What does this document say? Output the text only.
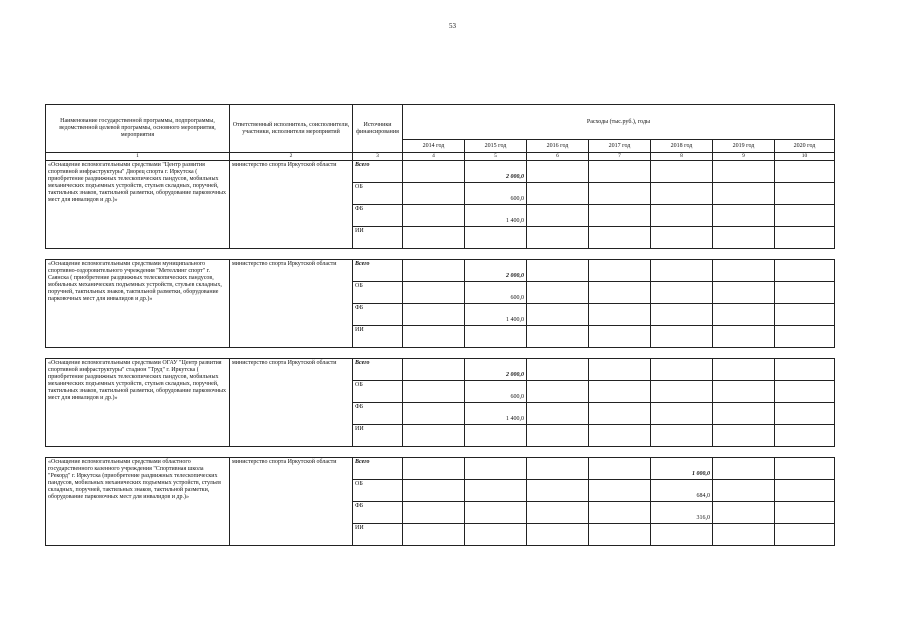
53
Наименование государственной программы, подпрограммы, ведомственной целевой программы, основного мероприятия, мероприятия	Ответственный исполнитель, соисполнители, участники, исполнители мероприятий	Источники финансирования	Расходы (тыс.руб.), годы						
			2014 год	2015 год	2016 год	2017 год	2018 год	2019 год	2020 год
1	2	3	4	5	6	7	8	9	10
«Оснащение вспомогательными средствами "Центр развития спортивной инфраструктуры" Дворец спорта г. Иркутска ( приобретение раздвижных телескопических пандусов, мобильных механических подъемных устройств, стульев складных, поручней, тактильных знаков, тактильной разметки, оборудование парковочных мест для инвалидов и др.)»	министерство спорта Иркутской области	Всего		2 000,0					
		ОБ		600,0					
		ФБ		1 400,0					
		ИИ							

«Оснащение вспомогательными средствами муниципального спортивно-оздоровительного учреждения "Метеллинг спорт" г. Саянска ( приобретение раздвижных телескопических пандусов, мобильных механических подъемных устройств, стульев складных, поручней, тактильных знаков, тактильной разметки, оборудование парковочных мест для инвалидов и др.)»	министерство спорта Иркутской области	Всего		2 000,0					
		ОБ		600,0					
		ФБ		1 400,0					
		ИИ							

«Оснащение вспомогательными средствами ОГАУ "Центр развития спортивной инфраструктуры" стадион "Труд" г. Иркутска ( приобретение раздвижных телескопических пандусов, мобильных механических подъемных устройств, стульев складных, поручней, тактильных знаков, тактильной разметки, оборудование парковочных мест для инвалидов и др.)»	министерство спорта Иркутской области	Всего		2 000,0					
		ОБ		600,0					
		ФБ		1 400,0					
		ИИ							

«Оснащение вспомогательными средствами областного государственного казенного учреждения "Спортивная школа "Рекорд" г. Иркутска (приобретение раздвижных телескопических пандусов, мобильных механических подъемных устройств, стульев складных, поручней, тактильных знаков, тактильной разметки, оборудование парковочных мест для инвалидов и др.)»	министерство спорта Иркутской области	Всего					1 000,0		
		ОБ					684,0		
		ФБ					316,0		
		ИИ							
